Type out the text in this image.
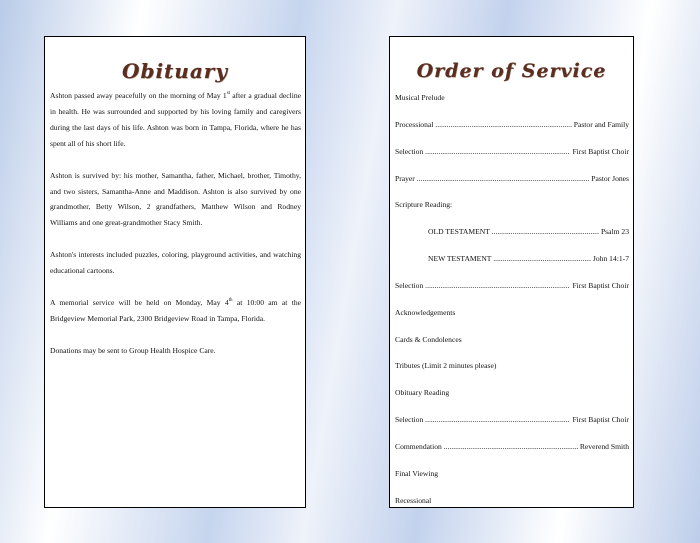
Obituary

Ashton passed away peacefully on the morning of May 1st after a gradual decline in health. He was surrounded and supported by his loving family and caregivers during the last days of his life. Ashton was born in Tampa, Florida, where he has spent all of his short life.

Ashton is survived by: his mother, Samantha, father, Michael, brother, Timothy, and two sisters, Samantha-Anne and Maddison. Ashton is also survived by one grandmother, Betty Wilson, 2 grandfathers, Matthew Wilson and Rodney Williams and one great-grandmother Stacy Smith.

Ashton's interests included puzzles, coloring, playground activities, and watching educational cartoons.

A memorial service will be held on Monday, May 4th at 10:00 am at the Bridgeview Memorial Park, 2300 Bridgeview Road in Tampa, Florida.

Donations may be sent to Group Health Hospice Care.

Order of Service
Musical Prelude
Processional .....	Pastor and Family
Selection .....	First Baptist Choir
Prayer .....	Pastor Jones
Scripture Reading:
OLD TESTAMENT .....	Psalm 23
NEW TESTAMENT .....	John 14:1-7
Selection .....	First Baptist Choir
Acknowledgements
Cards & Condolences
Tributes (Limit 2 minutes please)
Obituary Reading
Selection .....	First Baptist Choir
Commendation .....	Reverend Smith
Final Viewing
Recessional
